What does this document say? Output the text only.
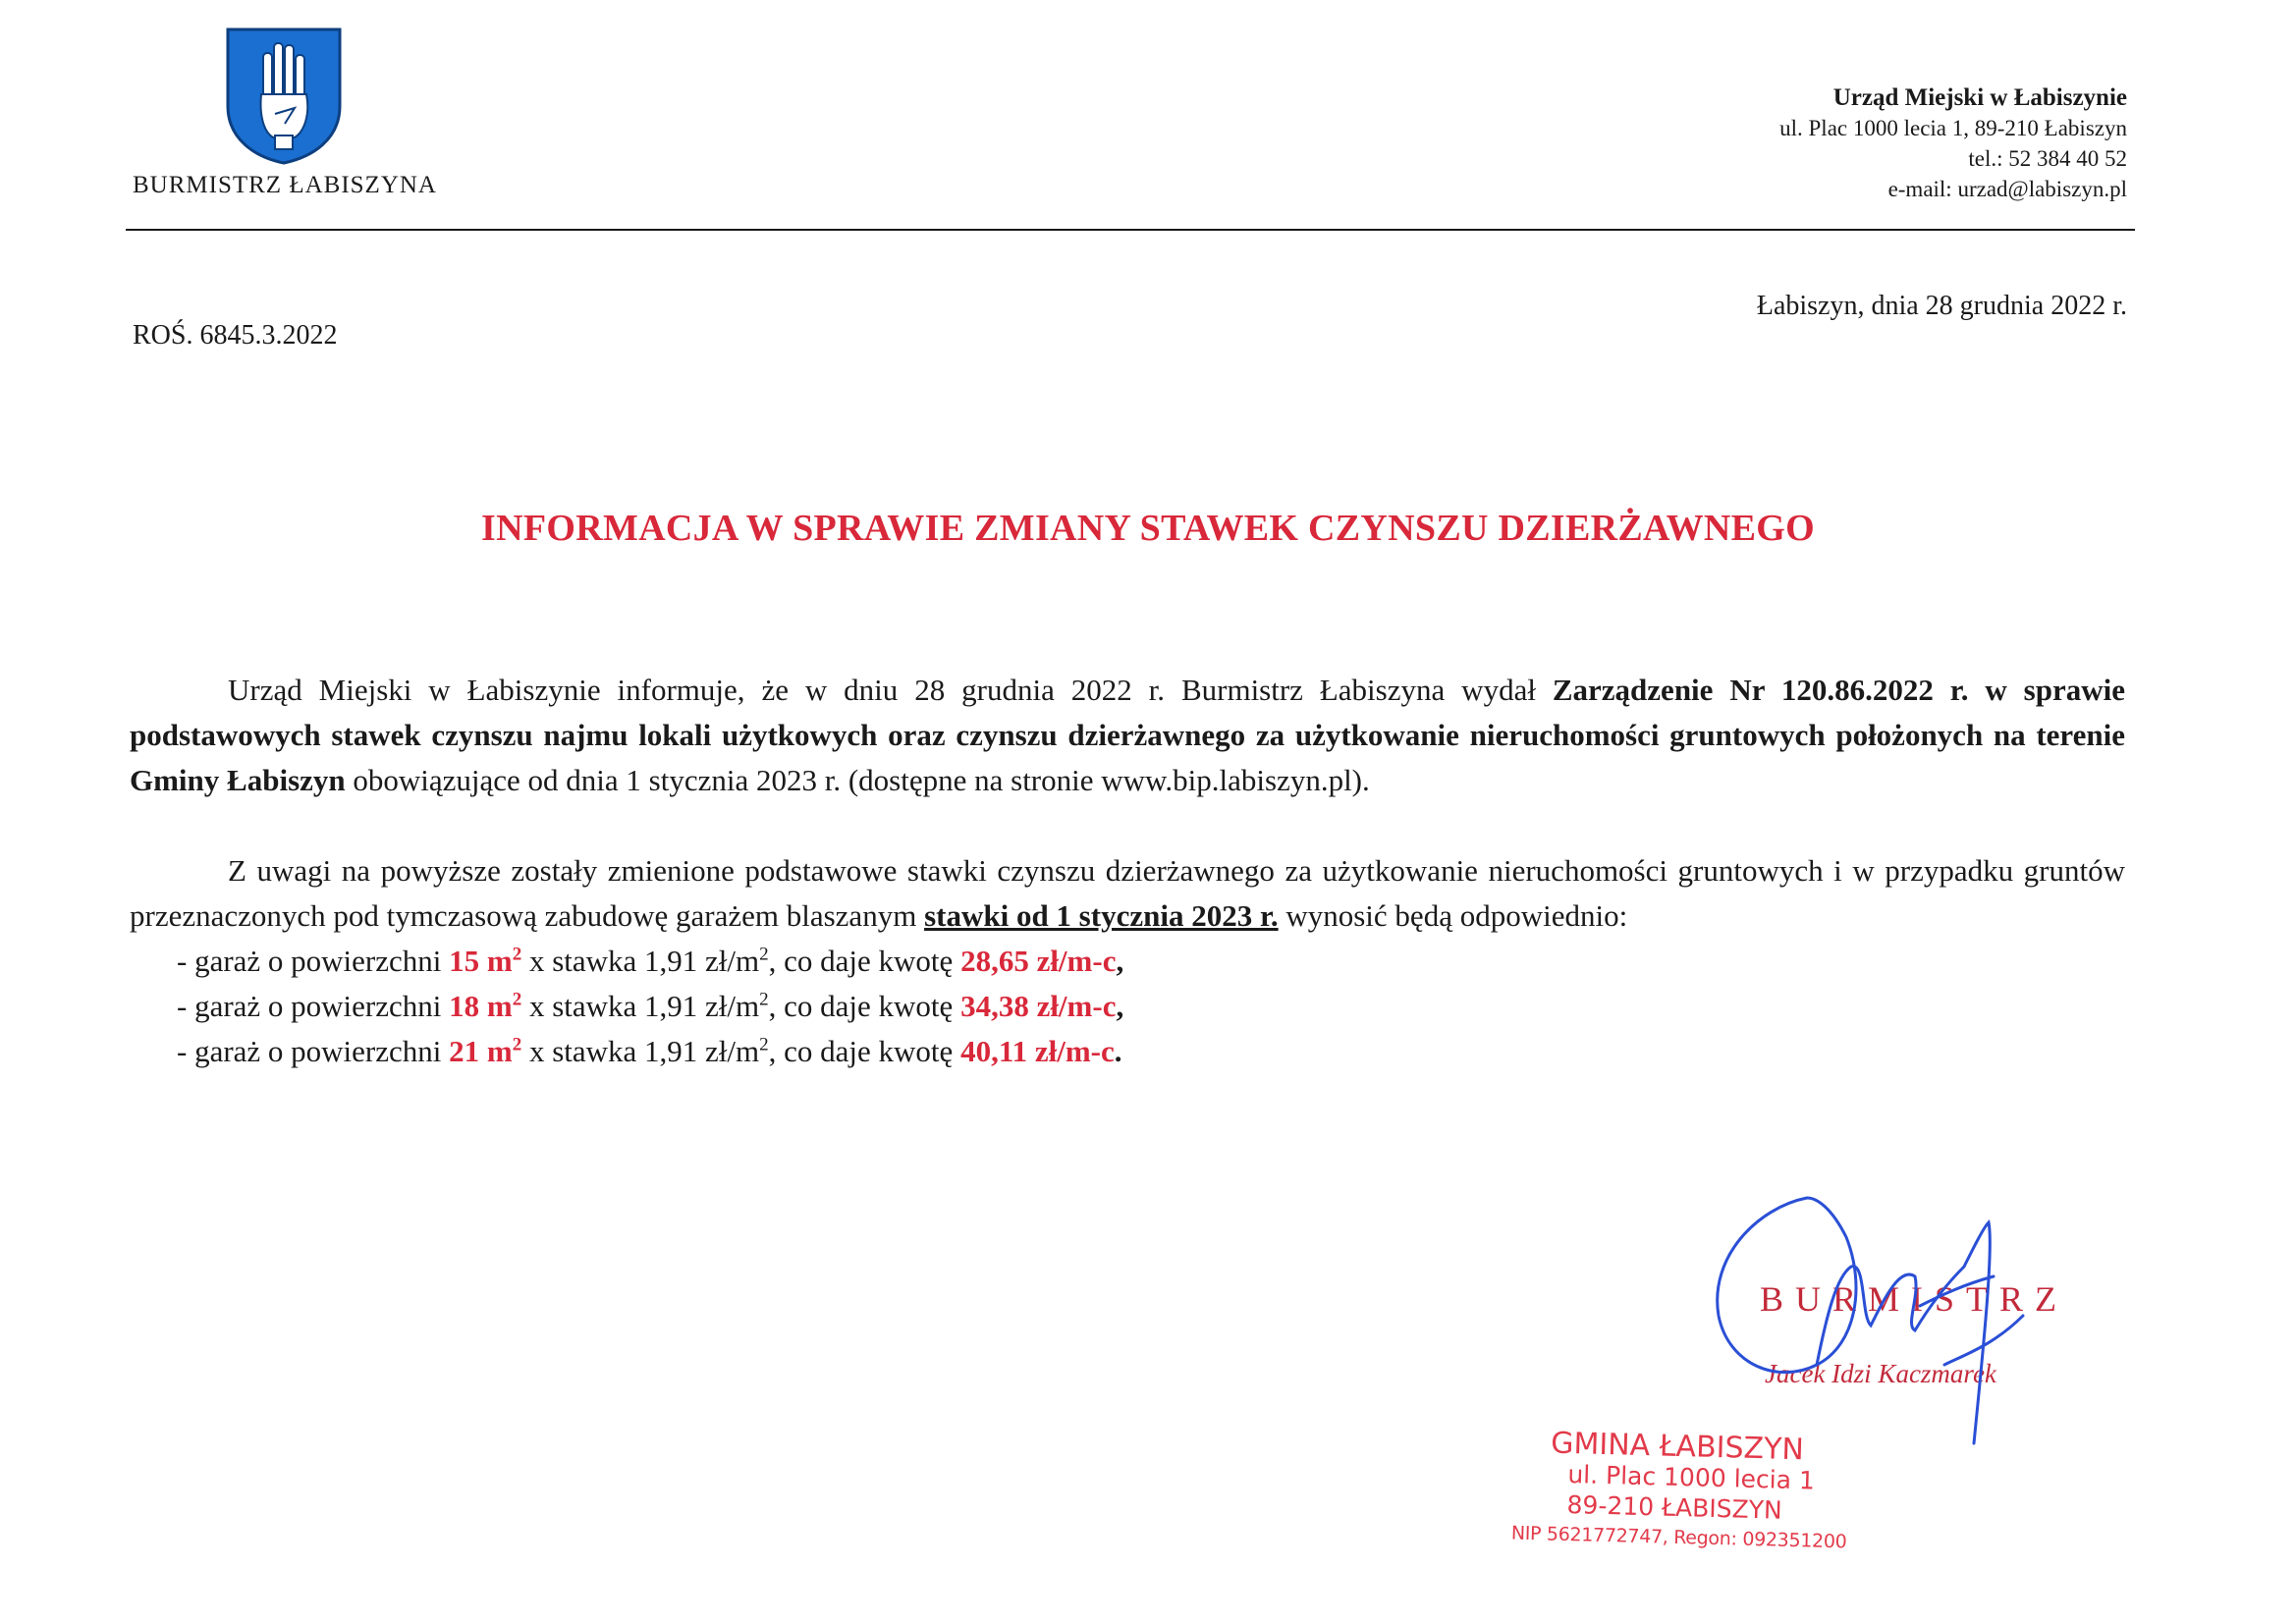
BURMISTRZ ŁABISZYNA
Urząd Miejski w Łabiszynie
ul. Plac 1000 lecia 1, 89-210 Łabiszyn
tel.: 52 384 40 52
e-mail: urzad@labiszyn.pl
Łabiszyn, dnia 28 grudnia 2022 r.
ROŚ. 6845.3.2022
INFORMACJA W SPRAWIE ZMIANY STAWEK CZYNSZU DZIERŻAWNEGO

Urząd Miejski w Łabiszynie informuje, że w dniu 28 grudnia 2022 r. Burmistrz Łabiszyna wydał Zarządzenie Nr 120.86.2022 r. w sprawie podstawowych stawek czynszu najmu lokali użytkowych oraz czynszu dzierżawnego za użytkowanie nieruchomości gruntowych położonych na terenie Gminy Łabiszyn obowiązujące od dnia 1 stycznia 2023 r. (dostępne na stronie www.bip.labiszyn.pl).

Z uwagi na powyższe zostały zmienione podstawowe stawki czynszu dzierżawnego za użytkowanie nieruchomości gruntowych i w przypadku gruntów przeznaczonych pod tymczasową zabudowę garażem blaszanym stawki od 1 stycznia 2023 r. wynosić będą odpowiednio:

- garaż o powierzchni 15 $m^2$ x stawka 1,91 $zł/m^2$, co daje kwotę 28,65 zł/m-c,
- garaż o powierzchni 18 $m^2$ x stawka 1,91 $zł/m^2$, co daje kwotę 34,38 zł/m-c,
- garaż o powierzchni 21 $m^2$ x stawka 1,91 $zł/m^2$, co daje kwotę 40,11 zł/m-c.
BURMISTRZ
Jacek Idzi Kaczmarek
GMINA ŁABISZYN
ul. Plac 1000 lecia 1
89-210 ŁABISZYN
NIP 5621772747, Regon: 092351200
